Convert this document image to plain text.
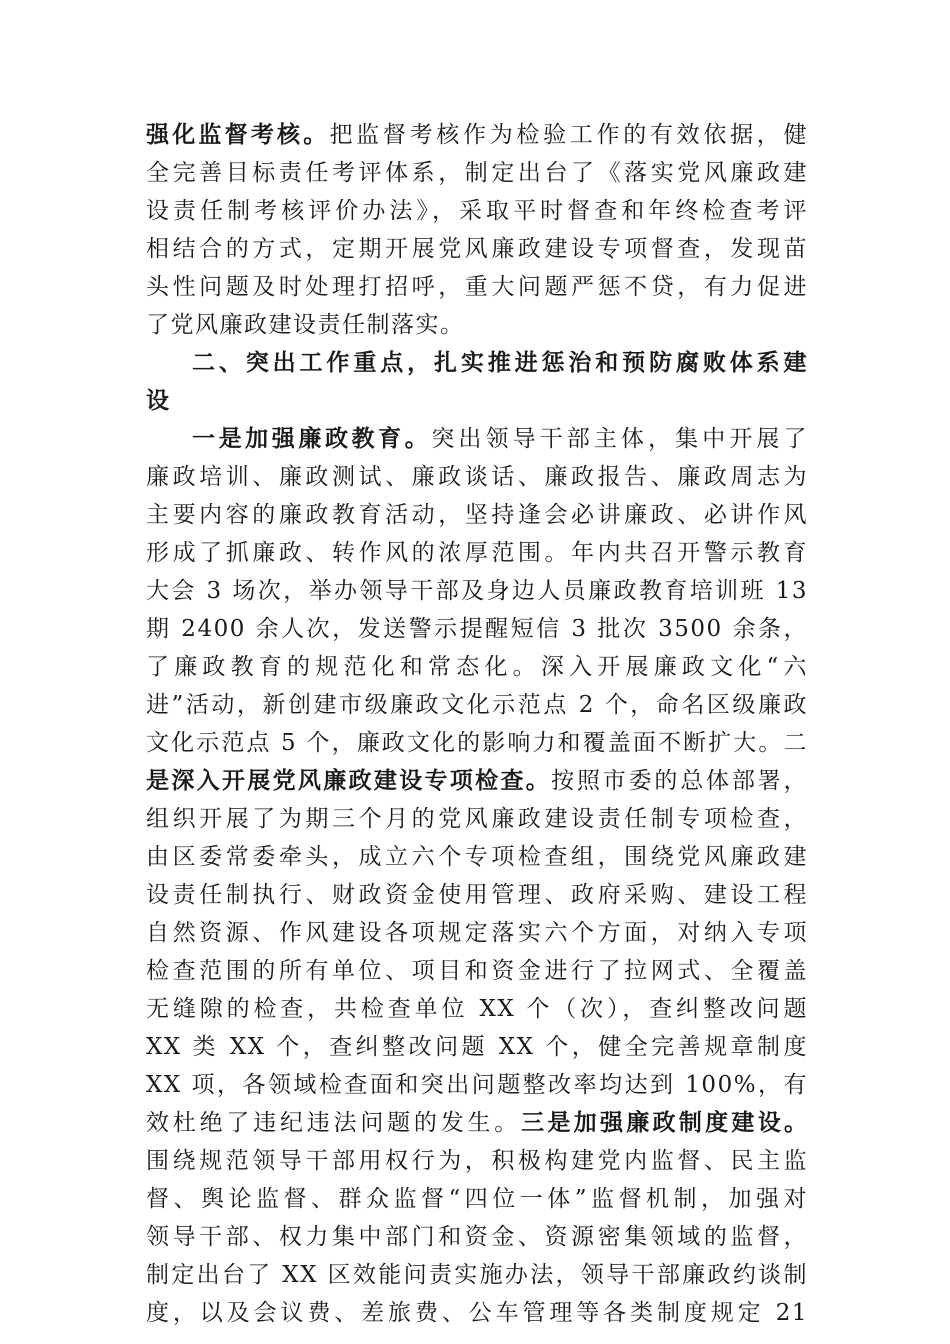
强化监督考核。把监督考核作为检验工作的有效依据，健
全完善目标责任考评体系，制定出台了《落实党风廉政建
设责任制考核评价办法》，采取平时督查和年终检查考评
相结合的方式，定期开展党风廉政建设专项督查，发现苗
头性问题及时处理打招呼，重大问题严惩不贷，有力促进
了党风廉政建设责任制落实。
二、突出工作重点，扎实推进惩治和预防腐败体系建
设
一是加强廉政教育。突出领导干部主体，集中开展了
廉政培训、廉政测试、廉政谈话、廉政报告、廉政周志为
主要内容的廉政教育活动，坚持逢会必讲廉政、必讲作风
形成了抓廉政、转作风的浓厚范围。年内共召开警示教育
大会 3 场次，举办领导干部及身边人员廉政教育培训班 13
期 2400 余人次，发送警示提醒短信 3 批次 3500 余条，
了廉政教育的规范化和常态化。深入开展廉政文化“六
进”活动，新创建市级廉政文化示范点 2 个，命名区级廉政
文化示范点 5 个，廉政文化的影响力和覆盖面不断扩大。二
是深入开展党风廉政建设专项检查。按照市委的总体部署，
组织开展了为期三个月的党风廉政建设责任制专项检查，
由区委常委牵头，成立六个专项检查组，围绕党风廉政建
设责任制执行、财政资金使用管理、政府采购、建设工程
自然资源、作风建设各项规定落实六个方面，对纳入专项
检查范围的所有单位、项目和资金进行了拉网式、全覆盖
无缝隙的检查，共检查单位 XX 个（次），查纠整改问题
XX 类 XX 个，查纠整改问题 XX 个，健全完善规章制度
XX 项，各领域检查面和突出问题整改率均达到 100%，有
效杜绝了违纪违法问题的发生。三是加强廉政制度建设。
围绕规范领导干部用权行为，积极构建党内监督、民主监
督、舆论监督、群众监督“四位一体”监督机制，加强对
领导干部、权力集中部门和资金、资源密集领域的监督，
制定出台了 XX 区效能问责实施办法，领导干部廉政约谈制
度，以及会议费、差旅费、公车管理等各类制度规定 21
